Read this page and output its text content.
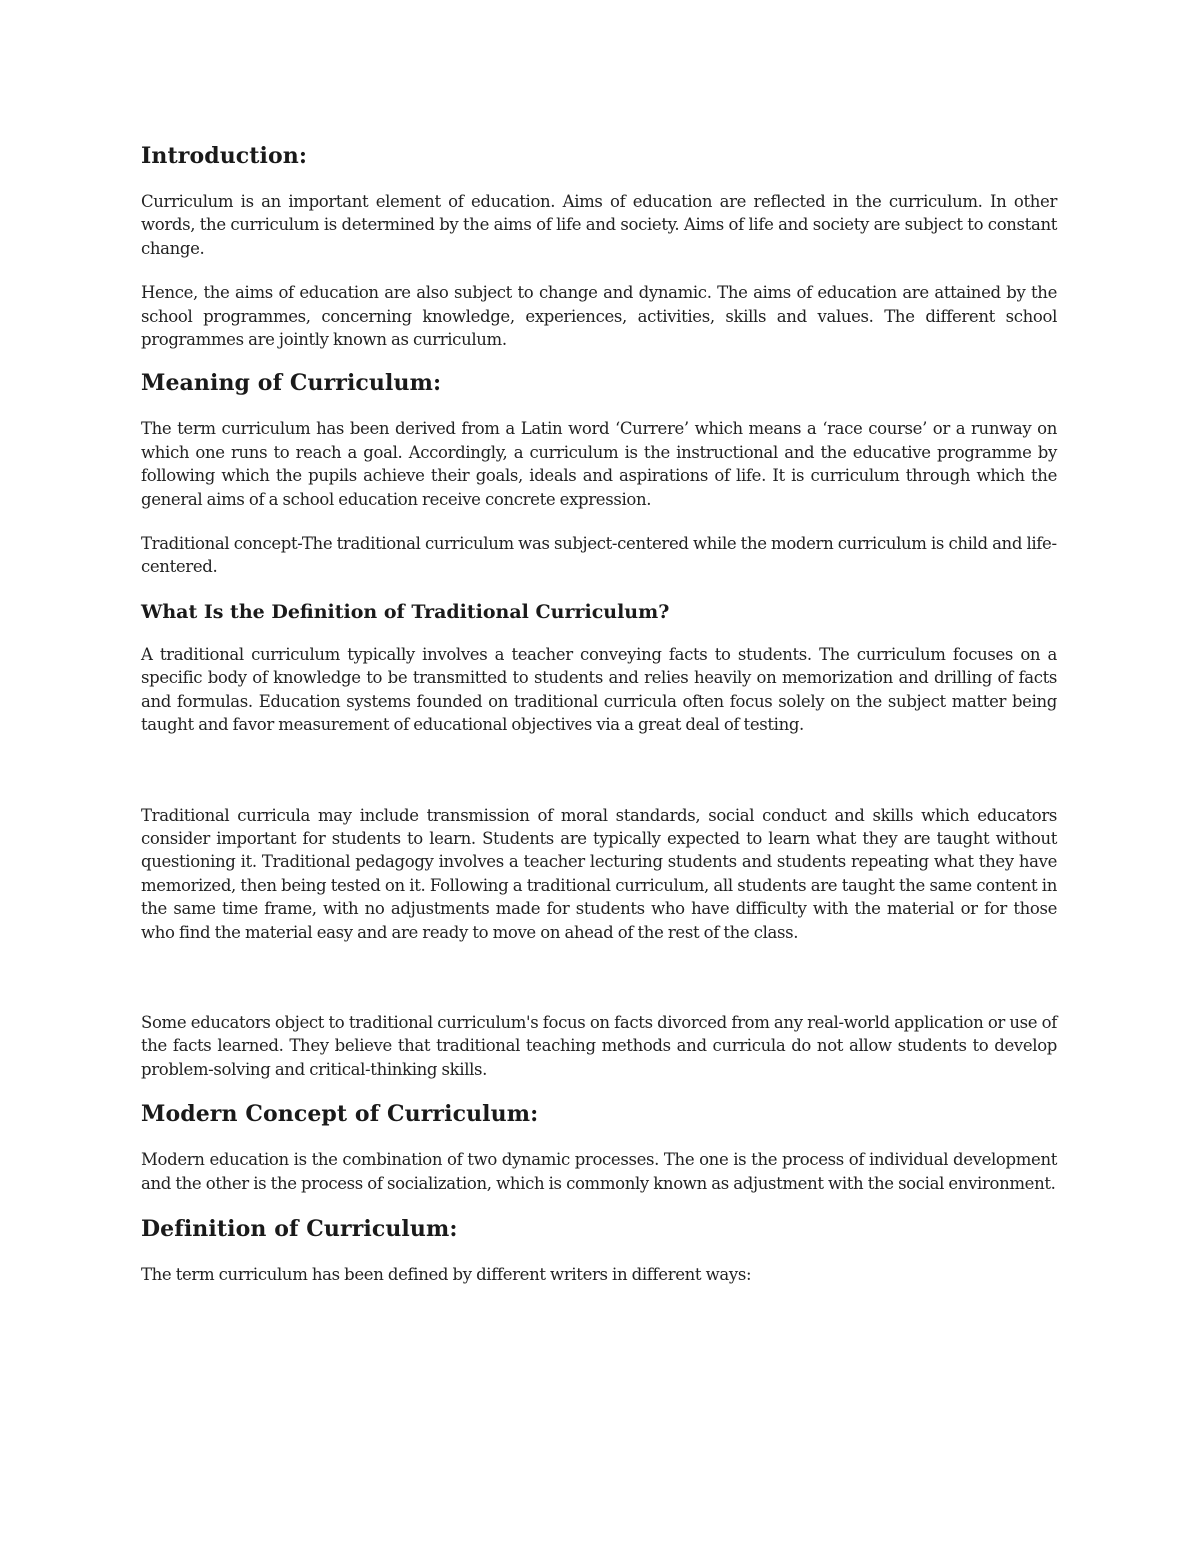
Introduction:

Curriculum is an important element of education. Aims of education are reflected in the curriculum. In other words, the curriculum is determined by the aims of life and society. Aims of life and society are subject to constant change.

Hence, the aims of education are also subject to change and dynamic. The aims of education are attained by the school programmes, concerning knowledge, experiences, activities, skills and values. The different school programmes are jointly known as curriculum.

Meaning of Curriculum:

The term curriculum has been derived from a Latin word ‘Currere’ which means a ‘race course’ or a runway on which one runs to reach a goal. Accordingly, a curriculum is the instructional and the educative programme by following which the pupils achieve their goals, ideals and aspirations of life. It is curriculum through which the general aims of a school education receive concrete expression.

Traditional concept-The traditional curriculum was subject-centered while the modern curriculum is child and life-centered.

What Is the Definition of Traditional Curriculum?

A traditional curriculum typically involves a teacher conveying facts to students. The curriculum focuses on a specific body of knowledge to be transmitted to students and relies heavily on memorization and drilling of facts and formulas. Education systems founded on traditional curricula often focus solely on the subject matter being taught and favor measurement of educational objectives via a great deal of testing.

Traditional curricula may include transmission of moral standards, social conduct and skills which educators consider important for students to learn. Students are typically expected to learn what they are taught without questioning it. Traditional pedagogy involves a teacher lecturing students and students repeating what they have memorized, then being tested on it. Following a traditional curriculum, all students are taught the same content in the same time frame, with no adjustments made for students who have difficulty with the material or for those who find the material easy and are ready to move on ahead of the rest of the class.

Some educators object to traditional curriculum's focus on facts divorced from any real-world application or use of the facts learned. They believe that traditional teaching methods and curricula do not allow students to develop problem-solving and critical-thinking skills.

Modern Concept of Curriculum:

Modern education is the combination of two dynamic processes. The one is the process of individual development and the other is the process of socialization, which is commonly known as adjustment with the social environment.

Definition of Curriculum:

The term curriculum has been defined by different writers in different ways:
